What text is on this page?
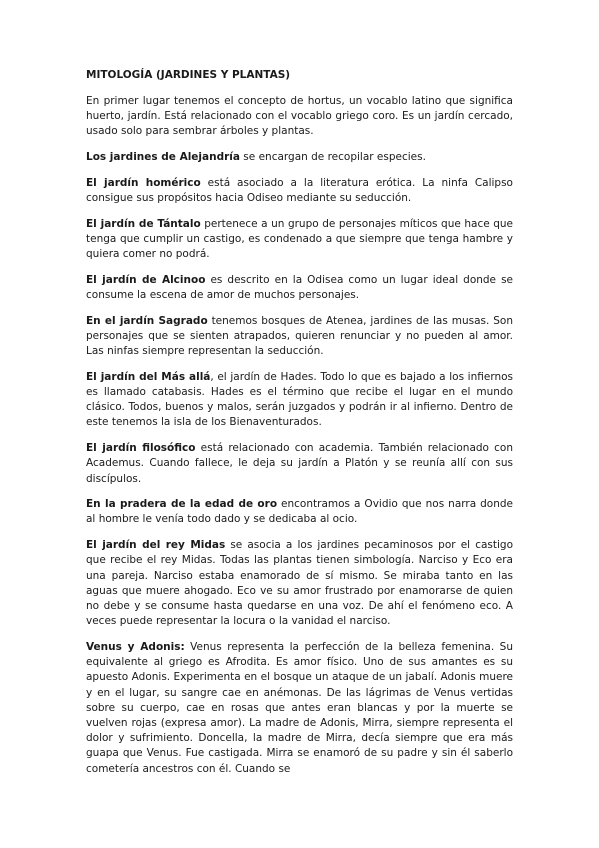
MITOLOGÍA (JARDINES Y PLANTAS)

En primer lugar tenemos el concepto de hortus, un vocablo latino que significa huerto, jardín. Está relacionado con el vocablo griego coro. Es un jardín cercado, usado solo para sembrar árboles y plantas.

Los jardines de Alejandría se encargan de recopilar especies.

El jardín homérico está asociado a la literatura erótica. La ninfa Calipso consigue sus propósitos hacia Odiseo mediante su seducción.

El jardín de Tántalo pertenece a un grupo de personajes míticos que hace que tenga que cumplir un castigo, es condenado a que siempre que tenga hambre y quiera comer no podrá.

El jardín de Alcinoo es descrito en la Odisea como un lugar ideal donde se consume la escena de amor de muchos personajes.

En el jardín Sagrado tenemos bosques de Atenea, jardines de las musas. Son personajes que se sienten atrapados, quieren renunciar y no pueden al amor. Las ninfas siempre representan la seducción.

El jardín del Más allá, el jardín de Hades. Todo lo que es bajado a los infiernos es llamado catabasis. Hades es el término que recibe el lugar en el mundo clásico. Todos, buenos y malos, serán juzgados y podrán ir al infierno. Dentro de este tenemos la isla de los Bienaventurados.

El jardín filosófico está relacionado con academia. También relacionado con Academus. Cuando fallece, le deja su jardín a Platón y se reunía allí con sus discípulos.

En la pradera de la edad de oro encontramos a Ovidio que nos narra donde al hombre le venía todo dado y se dedicaba al ocio.

El jardín del rey Midas se asocia a los jardines pecaminosos por el castigo que recibe el rey Midas. Todas las plantas tienen simbología. Narciso y Eco era una pareja. Narciso estaba enamorado de sí mismo. Se miraba tanto en las aguas que muere ahogado. Eco ve su amor frustrado por enamorarse de quien no debe y se consume hasta quedarse en una voz. De ahí el fenómeno eco. A veces puede representar la locura o la vanidad el narciso.

Venus y Adonis: Venus representa la perfección de la belleza femenina. Su equivalente al griego es Afrodita. Es amor físico. Uno de sus amantes es su apuesto Adonis. Experimenta en el bosque un ataque de un jabalí. Adonis muere y en el lugar, su sangre cae en anémonas. De las lágrimas de Venus vertidas sobre su cuerpo, cae en rosas que antes eran blancas y por la muerte se vuelven rojas (expresa amor). La madre de Adonis, Mirra, siempre representa el dolor y sufrimiento. Doncella, la madre de Mirra, decía siempre que era más guapa que Venus. Fue castigada. Mirra se enamoró de su padre y sin él saberlo cometería ancestros con él. Cuando se
